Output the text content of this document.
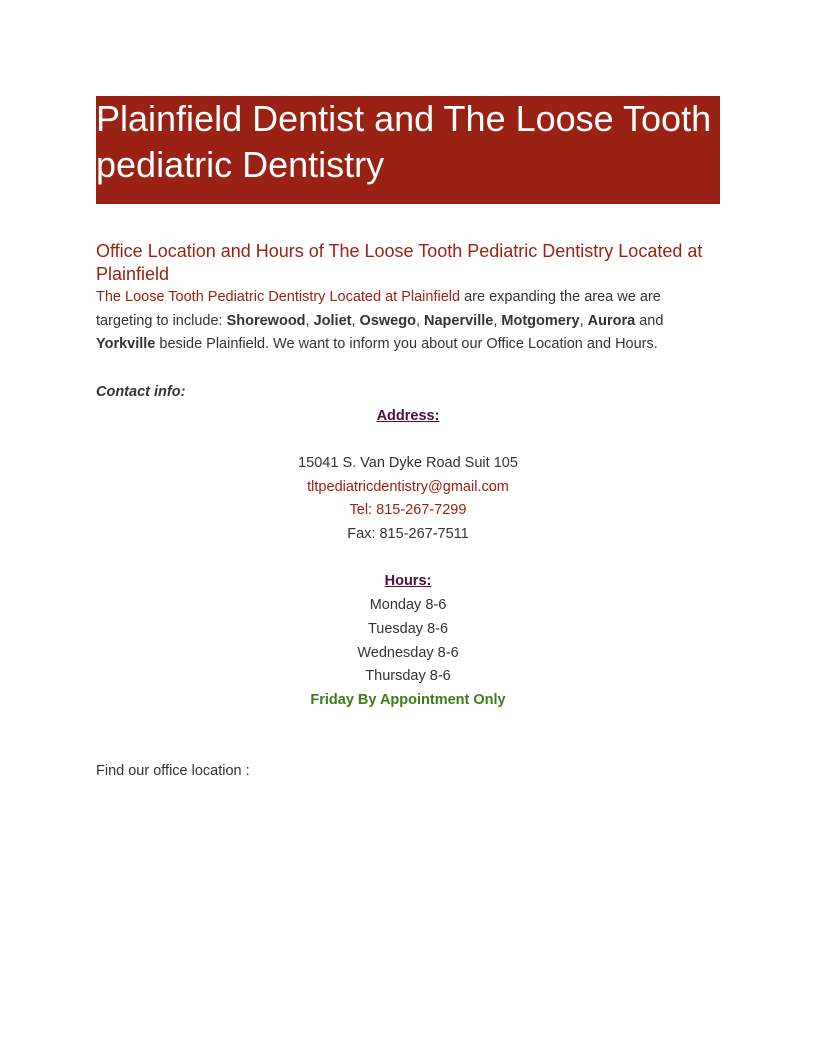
Plainfield Dentist and The Loose Tooth
pediatric Dentistry
Office Location and Hours of The Loose Tooth Pediatric Dentistry Located at Plainfield

The Loose Tooth Pediatric Dentistry Located at Plainfield are expanding the area we are targeting to include: Shorewood, Joliet, Oswego, Naperville, Motgomery, Aurora and Yorkville beside Plainfield. We want to inform you about our Office Location and Hours.

Contact info:

Address:

15041 S. Van Dyke Road Suit 105

tltpediatricdentistry@gmail.com

Tel: 815-267-7299

Fax: 815-267-7511

Hours:

Monday 8-6

Tuesday 8-6

Wednesday 8-6

Thursday 8-6

Friday By Appointment Only

Find our office location :
